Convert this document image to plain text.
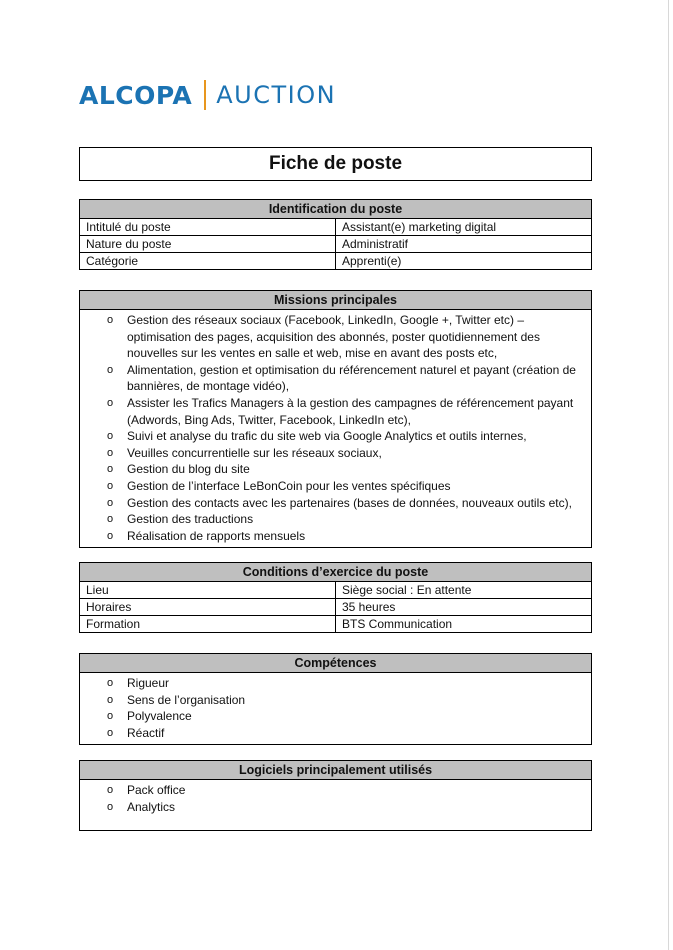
ALCOPA AUCTION
Fiche de poste
Identification du poste	
Intitulé du poste	Assistant(e) marketing digital
Nature du poste	Administratif
Catégorie	Apprenti(e)
Missions principales

o Gestion des réseaux sociaux (Facebook, LinkedIn, Google +, Twitter etc) – optimisation des pages, acquisition des abonnés, poster quotidiennement des nouvelles sur les ventes en salle et web, mise en avant des posts etc,
o Alimentation, gestion et optimisation du référencement naturel et payant (création de bannières, de montage vidéo),
o Assister les Trafics Managers à la gestion des campagnes de référencement payant (Adwords, Bing Ads, Twitter, Facebook, LinkedIn etc),
o Suivi et analyse du trafic du site web via Google Analytics et outils internes,
o Veuilles concurrentielle sur les réseaux sociaux,
o Gestion du blog du site
o Gestion de l’interface LeBonCoin pour les ventes spécifiques
o Gestion des contacts avec les partenaires (bases de données, nouveaux outils etc),
o Gestion des traductions
o Réalisation de rapports mensuels
Conditions d’exercice du poste	
Lieu	Siège social : En attente
Horaires	35 heures
Formation	BTS Communication
Compétences

o Rigueur
o Sens de l’organisation
o Polyvalence
o Réactif
Logiciels principalement utilisés

o Pack office
o Analytics
